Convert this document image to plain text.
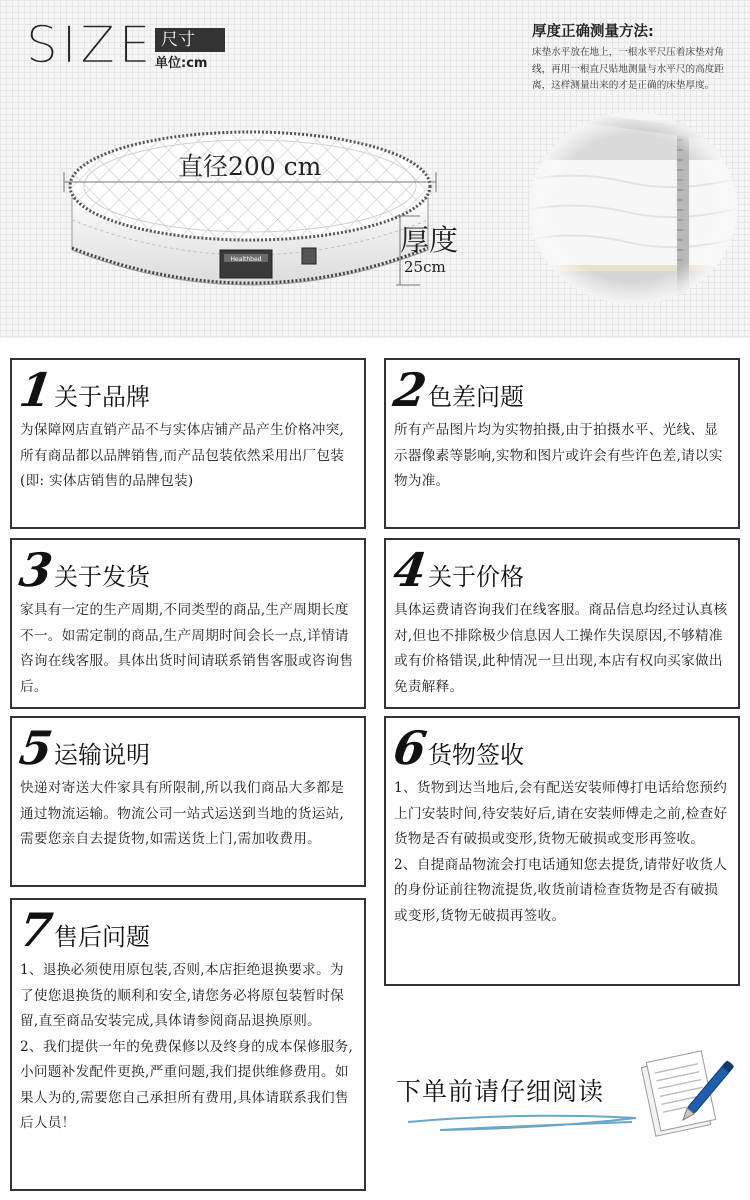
SIZE 尺寸
单位:cm
Healthbed
直径200 cm
厚度
25cm
厚度正确测量方法:
床垫水平放在地上，一根水平尺压着床垫对角线，再用一根直尺贴地测量与水平尺的高度距离，这样测量出来的才是正确的床垫厚度。
1
关于品牌

为保障网店直销产品不与实体店铺产品产生价格冲突,所有商品都以品牌销售,而产品包装依然采用出厂包装(即: 实体店销售的品牌包装)

2
色差问题

所有产品图片均为实物拍摄,由于拍摄水平、光线、显示器像素等影响,实物和图片或许会有些许色差,请以实物为准。

3
关于发货

家具有一定的生产周期,不同类型的商品,生产周期长度不一。如需定制的商品,生产周期时间会长一点,详情请咨询在线客服。具体出货时间请联系销售客服或咨询售后。

4
关于价格

具体运费请咨询我们在线客服。商品信息均经过认真核对,但也不排除极少信息因人工操作失误原因,不够精准或有价格错误,此种情况一旦出现,本店有权向买家做出免责解释。

5
运输说明

快递对寄送大件家具有所限制,所以我们商品大多都是通过物流运输。物流公司一站式运送到当地的货运站,需要您亲自去提货物,如需送货上门,需加收费用。

6
货物签收

1、货物到达当地后,会有配送安装师傅打电话给您预约上门安装时间,待安装好后,请在安装师傅走之前,检查好货物是否有破损或变形,货物无破损或变形再签收。

2、自提商品物流会打电话通知您去提货,请带好收货人的身份证前往物流提货,收货前请检查货物是否有破损或变形,货物无破损再签收。

7
售后问题

1、退换必须使用原包装,否则,本店拒绝退换要求。为了使您退换货的顺利和安全,请您务必将原包装暂时保留,直至商品安装完成,具体请参阅商品退换原则。

2、我们提供一年的免费保修以及终身的成本保修服务,小问题补发配件更换,严重问题,我们提供维修费用。如果人为的,需要您自己承担所有费用,具体请联系我们售后人员！

下单前请仔细阅读
